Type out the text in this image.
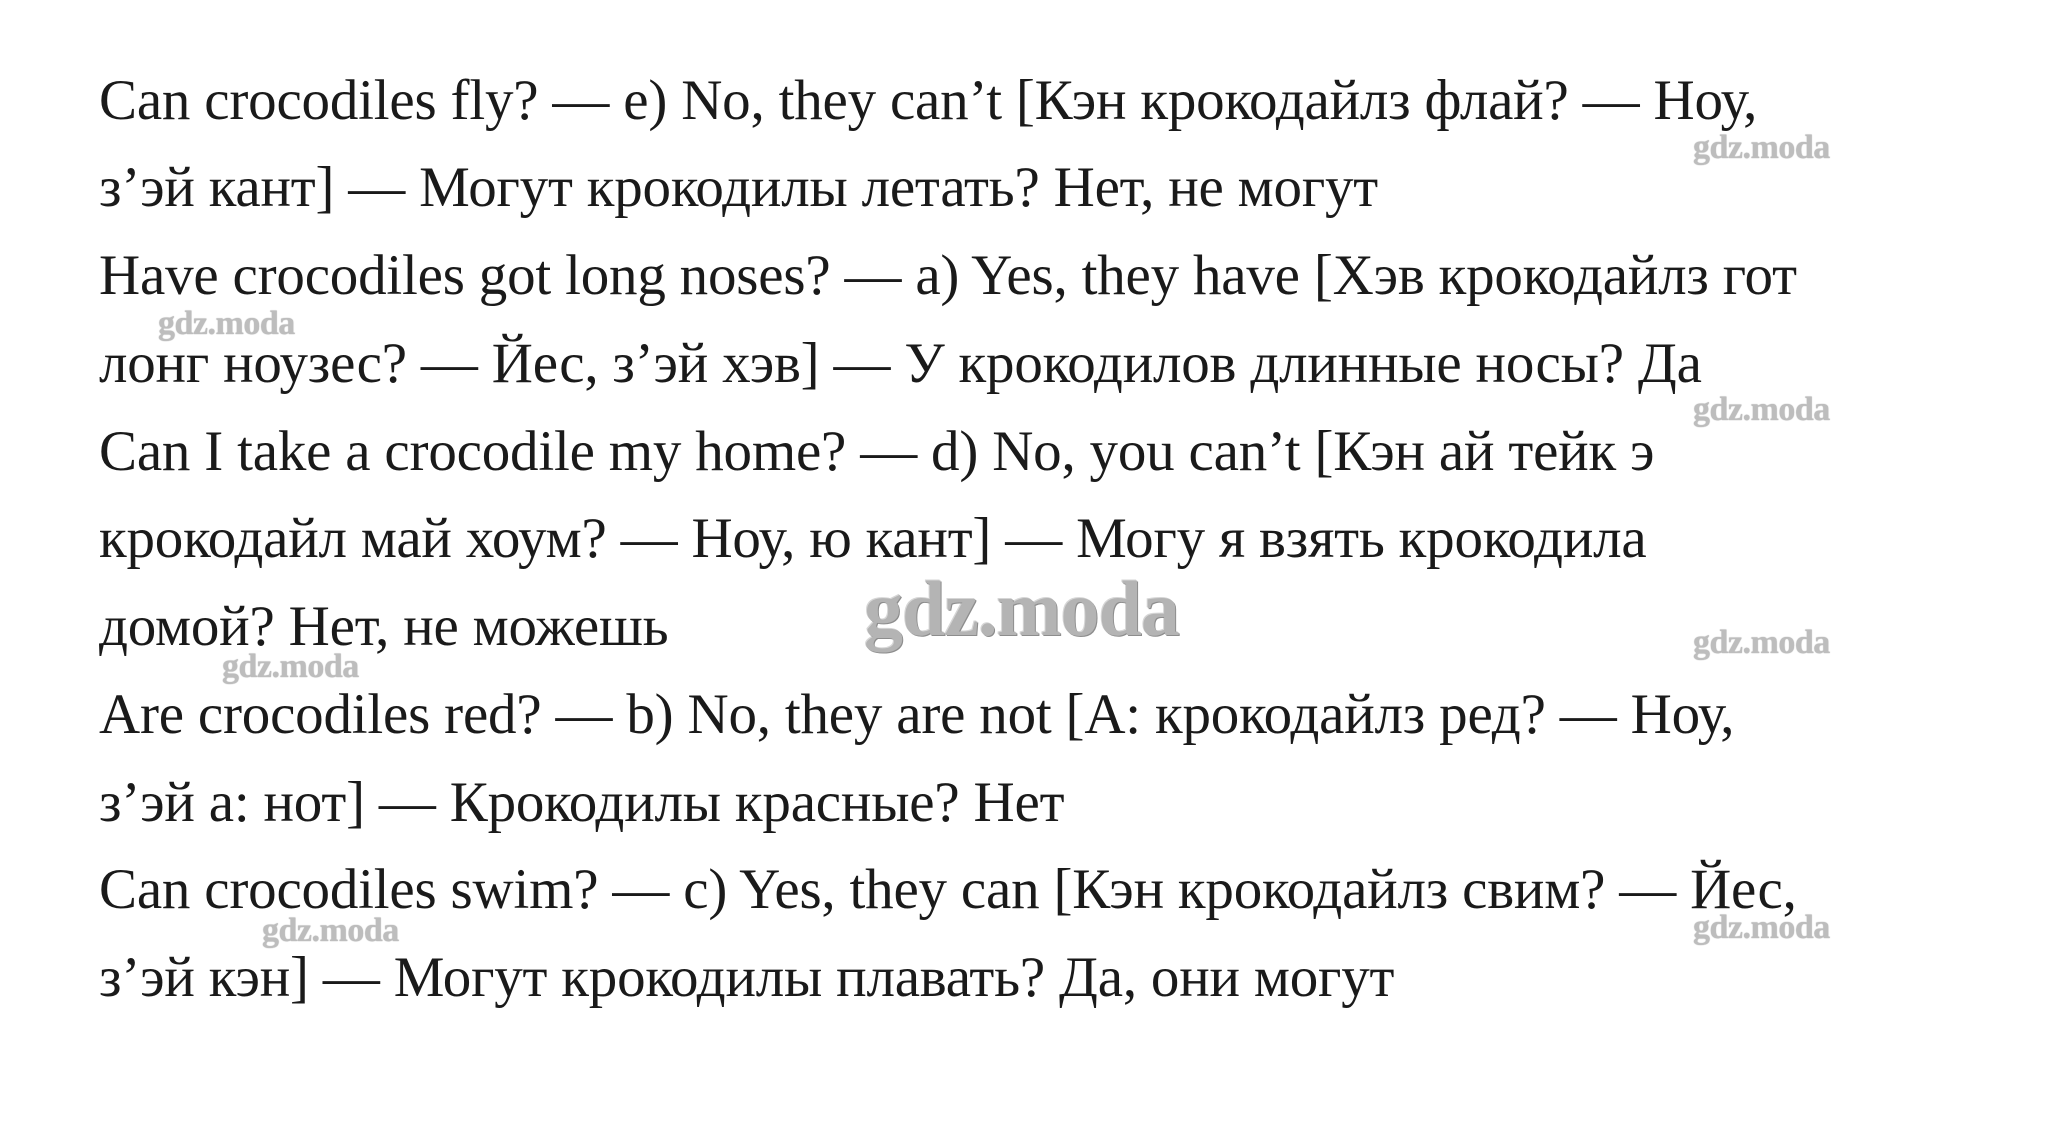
Can crocodiles fly? — e) No, they can’t [Кэн крокодайлз флай? — Ноу,
з’эй кант] — Могут крокодилы летать? Нет, не могут
Have crocodiles got long noses? — a) Yes, they have [Хэв крокодайлз гот
лонг ноузес? — Йес, з’эй хэв] — У крокодилов длинные носы? Да
Can I take a crocodile my home? — d) No, you can’t [Кэн ай тейк э
крокодайл май хоум? — Ноу, ю кант] — Могу я взять крокодила
домой? Нет, не можешь
Are crocodiles red? — b) No, they are not [А: крокодайлз ред? — Ноу,
з’эй а: нот] — Крокодилы красные? Нет
Can crocodiles swim? — c) Yes, they can [Кэн крокодайлз свим? — Йес,
з’эй кэн] — Могут крокодилы плавать? Да, они могут
gdz.moda
gdz.moda
gdz.moda
gdz.moda	gdz.moda
gdz.moda
gdz.moda	gdz.moda
